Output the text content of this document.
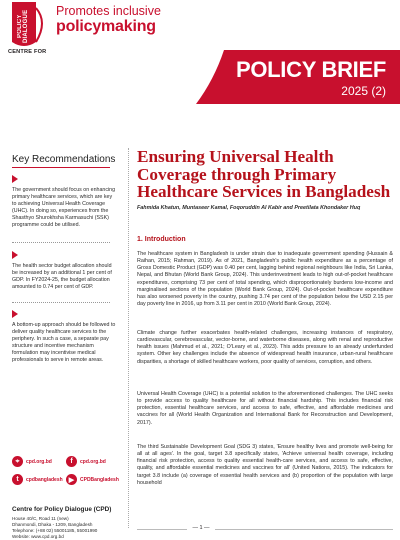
POLICY DIALOGUE
CENTRE FOR
Promotes inclusive
policymaking
POLICY BRIEF
2025 (2)
Key Recommendations
The government should focus on enhancing primary healthcare services, which are key to achieving Universal Health Coverage (UHC). In doing so, experiences from the Shasthyo Shurokhsha Karmasuchi (SSK) programme could be utilised.
The health sector budget allocation should be increased by an additional 1 per cent of GDP. In FY2024-25, the budget allocation amounted to 0.74 per cent of GDP.
A bottom-up approach should be followed to deliver quality healthcare services to the periphery. In such a case, a separate pay structure and incentive mechanism formulation may incentivise medical professionals to serve in remote areas.
⌖	cpd.org.bd	f	cpd.org.bd
t	cpdbangladesh ▶	CPDBangladesh
Centre for Policy Dialogue (CPD)
House 40/C, Road 11 (new)
Dhanmondi, Dhaka - 1209, Bangladesh
Telephone: (+88 02) 55001185, 55001990
Website: www.cpd.org.bd
Ensuring Universal Health Coverage through Primary Healthcare Services in Bangladesh
Fahmida Khatun, Muntaseer Kamal, Foqoruddin Al Kabir and Preetilata Khondaker Huq
1. Introduction
The healthcare system in Bangladesh is under strain due to inadequate government spending (Hussain & Raihan, 2015; Rahman, 2019). As of 2021, Bangladesh's public health expenditure as a percentage of Gross Domestic Product (GDP) was 0.40 per cent, lagging behind regional neighbours like India, Sri Lanka, Nepal, and Bhutan (World Bank Group, 2024). This underinvestment leads to high out-of-pocket healthcare expenditures, comprising 73 per cent of total spending, which disproportionately burdens low-income and marginalised sections of the population (World Bank Group, 2024). Out-of-pocket healthcare expenditure has also worsened poverty in the country, pushing 3.74 per cent of the population below the USD 2.15 per day poverty line in 2016, up from 3.11 per cent in 2010 (World Bank Group, 2024).
Climate change further exacerbates health-related challenges, increasing instances of respiratory, cardiovascular, cerebrovascular, vector-borne, and waterborne diseases, along with renal and reproductive health issues (Mahmud et al., 2021; O'Leary et al., 2023). This adds pressure to an already underfunded system. Other key challenges include the absence of widespread health insurance, urban-rural healthcare disparities, a shortage of skilled healthcare workers, poor quality of services, corruption, and others.
Universal Health Coverage (UHC) is a potential solution to the aforementioned challenges. The UHC seeks to provide access to quality healthcare for all without financial hardship. This includes financial risk protection, essential healthcare services, and access to safe, effective, and affordable medicines and vaccines for all (World Health Organization and International Bank for Reconstruction and Development, 2017).
The third Sustainable Development Goal (SDG 3) states, 'Ensure healthy lives and promote well-being for all at all ages'. In the goal, target 3.8 specifically states, 'Achieve universal health coverage, including financial risk protection, access to quality essential health-care services, and access to safe, effective, quality, and affordable essential medicines and vaccines for all' (United Nations, 2015). The indicators for target 3.8 include (a) coverage of essential health services and (b) proportion of the population with large household
— 1 —
